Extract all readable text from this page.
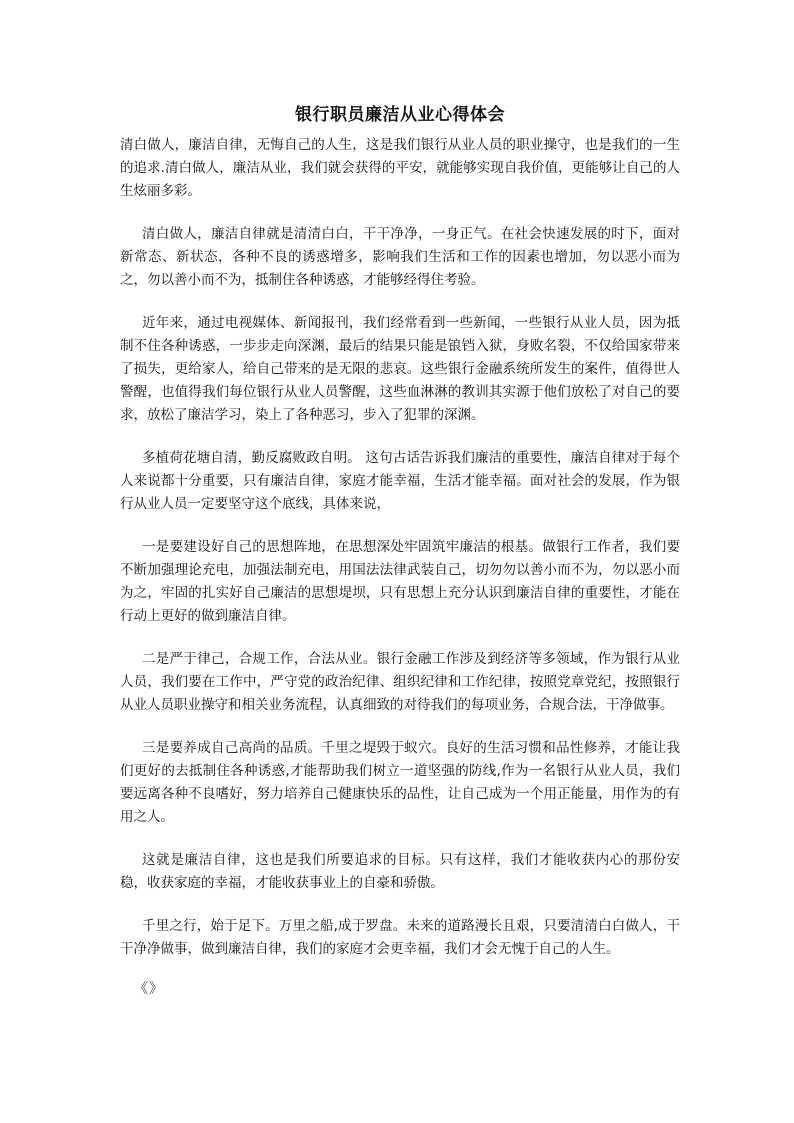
银行职员廉洁从业心得体会

清白做人，廉洁自律，无悔自己的人生，这是我们银行从业人员的职业操守，也是我们的一生的追求.清白做人，廉洁从业，我们就会获得的平安，就能够实现自我价值，更能够让自己的人生炫丽多彩。

清白做人，廉洁自律就是清清白白，干干净净，一身正气。在社会快速发展的时下，面对新常态、新状态，各种不良的诱惑增多，影响我们生活和工作的因素也增加，勿以恶小而为之，勿以善小而不为，抵制住各种诱惑，才能够经得住考验。

近年来，通过电视媒体、新闻报刊，我们经常看到一些新闻，一些银行从业人员，因为抵制不住各种诱惑，一步步走向深渊，最后的结果只能是锒铛入狱，身败名裂，不仅给国家带来了损失，更给家人，给自己带来的是无限的悲哀。这些银行金融系统所发生的案件，值得世人警醒，也值得我们每位银行从业人员警醒，这些血淋淋的教训其实源于他们放松了对自己的要求，放松了廉洁学习，染上了各种恶习，步入了犯罪的深渊。

多植荷花塘自清，勤反腐败政自明。 这句古话告诉我们廉洁的重要性，廉洁自律对于每个人来说都十分重要，只有廉洁自律，家庭才能幸福，生活才能幸福。面对社会的发展，作为银行从业人员一定要坚守这个底线，具体来说，

一是要建设好自己的思想阵地，在思想深处牢固筑牢廉洁的根基。做银行工作者，我们要不断加强理论充电，加强法制充电，用国法法律武装自己，切勿勿以善小而不为，勿以恶小而为之，牢固的扎实好自己廉洁的思想堤坝，只有思想上充分认识到廉洁自律的重要性，才能在行动上更好的做到廉洁自律。

二是严于律己，合规工作，合法从业。银行金融工作涉及到经济等多领域，作为银行从业人员，我们要在工作中，严守党的政治纪律、组织纪律和工作纪律，按照党章党纪，按照银行从业人员职业操守和相关业务流程，认真细致的对待我们的每项业务，合规合法，干净做事。

三是要养成自己高尚的品质。千里之堤毁于蚁穴。良好的生活习惯和品性修养，才能让我们更好的去抵制住各种诱惑,才能帮助我们树立一道坚强的防线,作为一名银行从业人员，我们要远离各种不良嗜好，努力培养自己健康快乐的品性，让自己成为一个用正能量，用作为的有用之人。

这就是廉洁自律，这也是我们所要追求的目标。只有这样，我们才能收获内心的那份安稳，收获家庭的幸福，才能收获事业上的自豪和骄傲。

千里之行，始于足下。万里之船,成于罗盘。未来的道路漫长且艰，只要清清白白做人，干干净净做事，做到廉洁自律，我们的家庭才会更幸福，我们才会无愧于自己的人生。

《》
